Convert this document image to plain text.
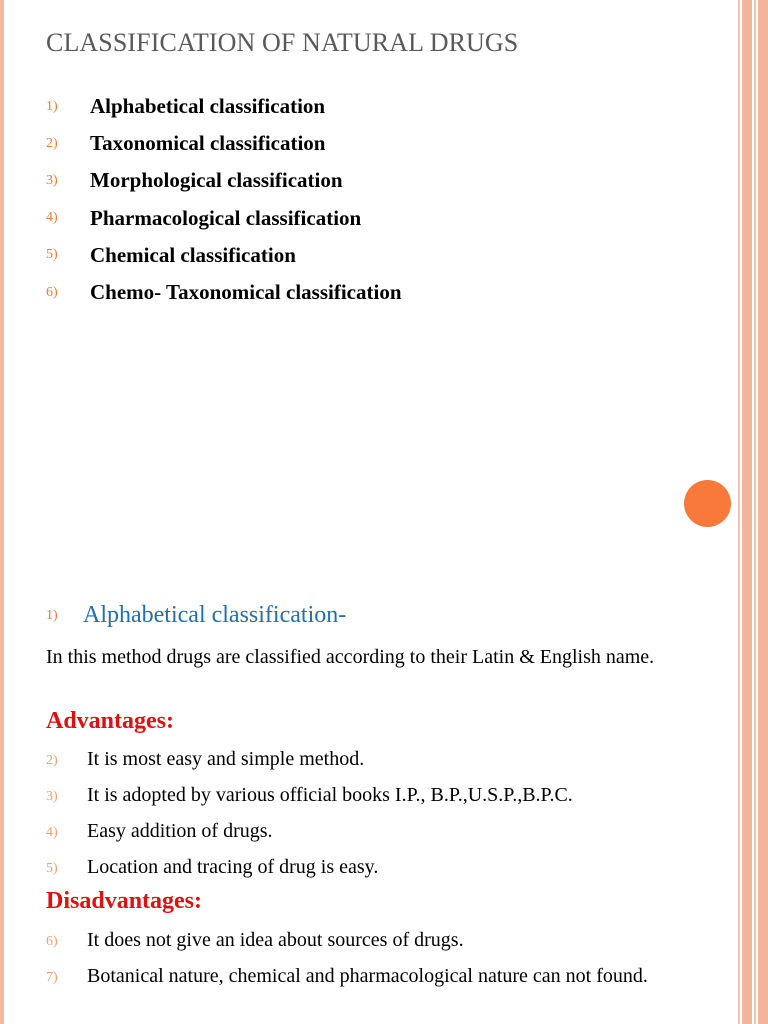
CLASSIFICATION OF NATURAL DRUGS
1)	Alphabetical classification
2)	Taxonomical classification
3)	Morphological classification
4)	Pharmacological classification
5)	Chemical classification
6)	Chemo- Taxonomical classification
1)	Alphabetical classification-

In this method drugs are classified according to their Latin & English name.

Advantages:
2)	It is most easy and simple method.
3)	It is adopted by various official books I.P., B.P.,U.S.P.,B.P.C.
4)	Easy addition of drugs.
5)	Location and tracing of drug is easy.
Disadvantages:
6)	It does not give an idea about sources of drugs.
7)	Botanical nature, chemical and pharmacological nature can not found.
